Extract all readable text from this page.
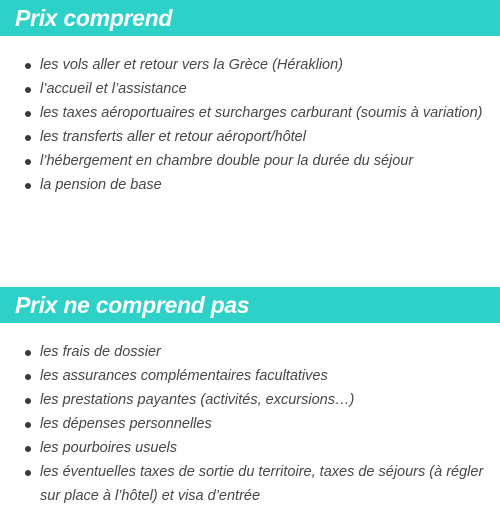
Prix comprend
les vols aller et retour vers la Grèce (Héraklion)
l’accueil et l’assistance
les taxes aéroportuaires et surcharges carburant (soumis à variation)
les transferts aller et retour aéroport/hôtel
l’hébergement en chambre double pour la durée du séjour
la pension de base
Prix ne comprend pas
les frais de dossier
les assurances complémentaires facultatives
les prestations payantes (activités, excursions…)
les dépenses personnelles
les pourboires usuels
les éventuelles taxes de sortie du territoire, taxes de séjours (à régler sur place à l’hôtel) et visa d’entrée
